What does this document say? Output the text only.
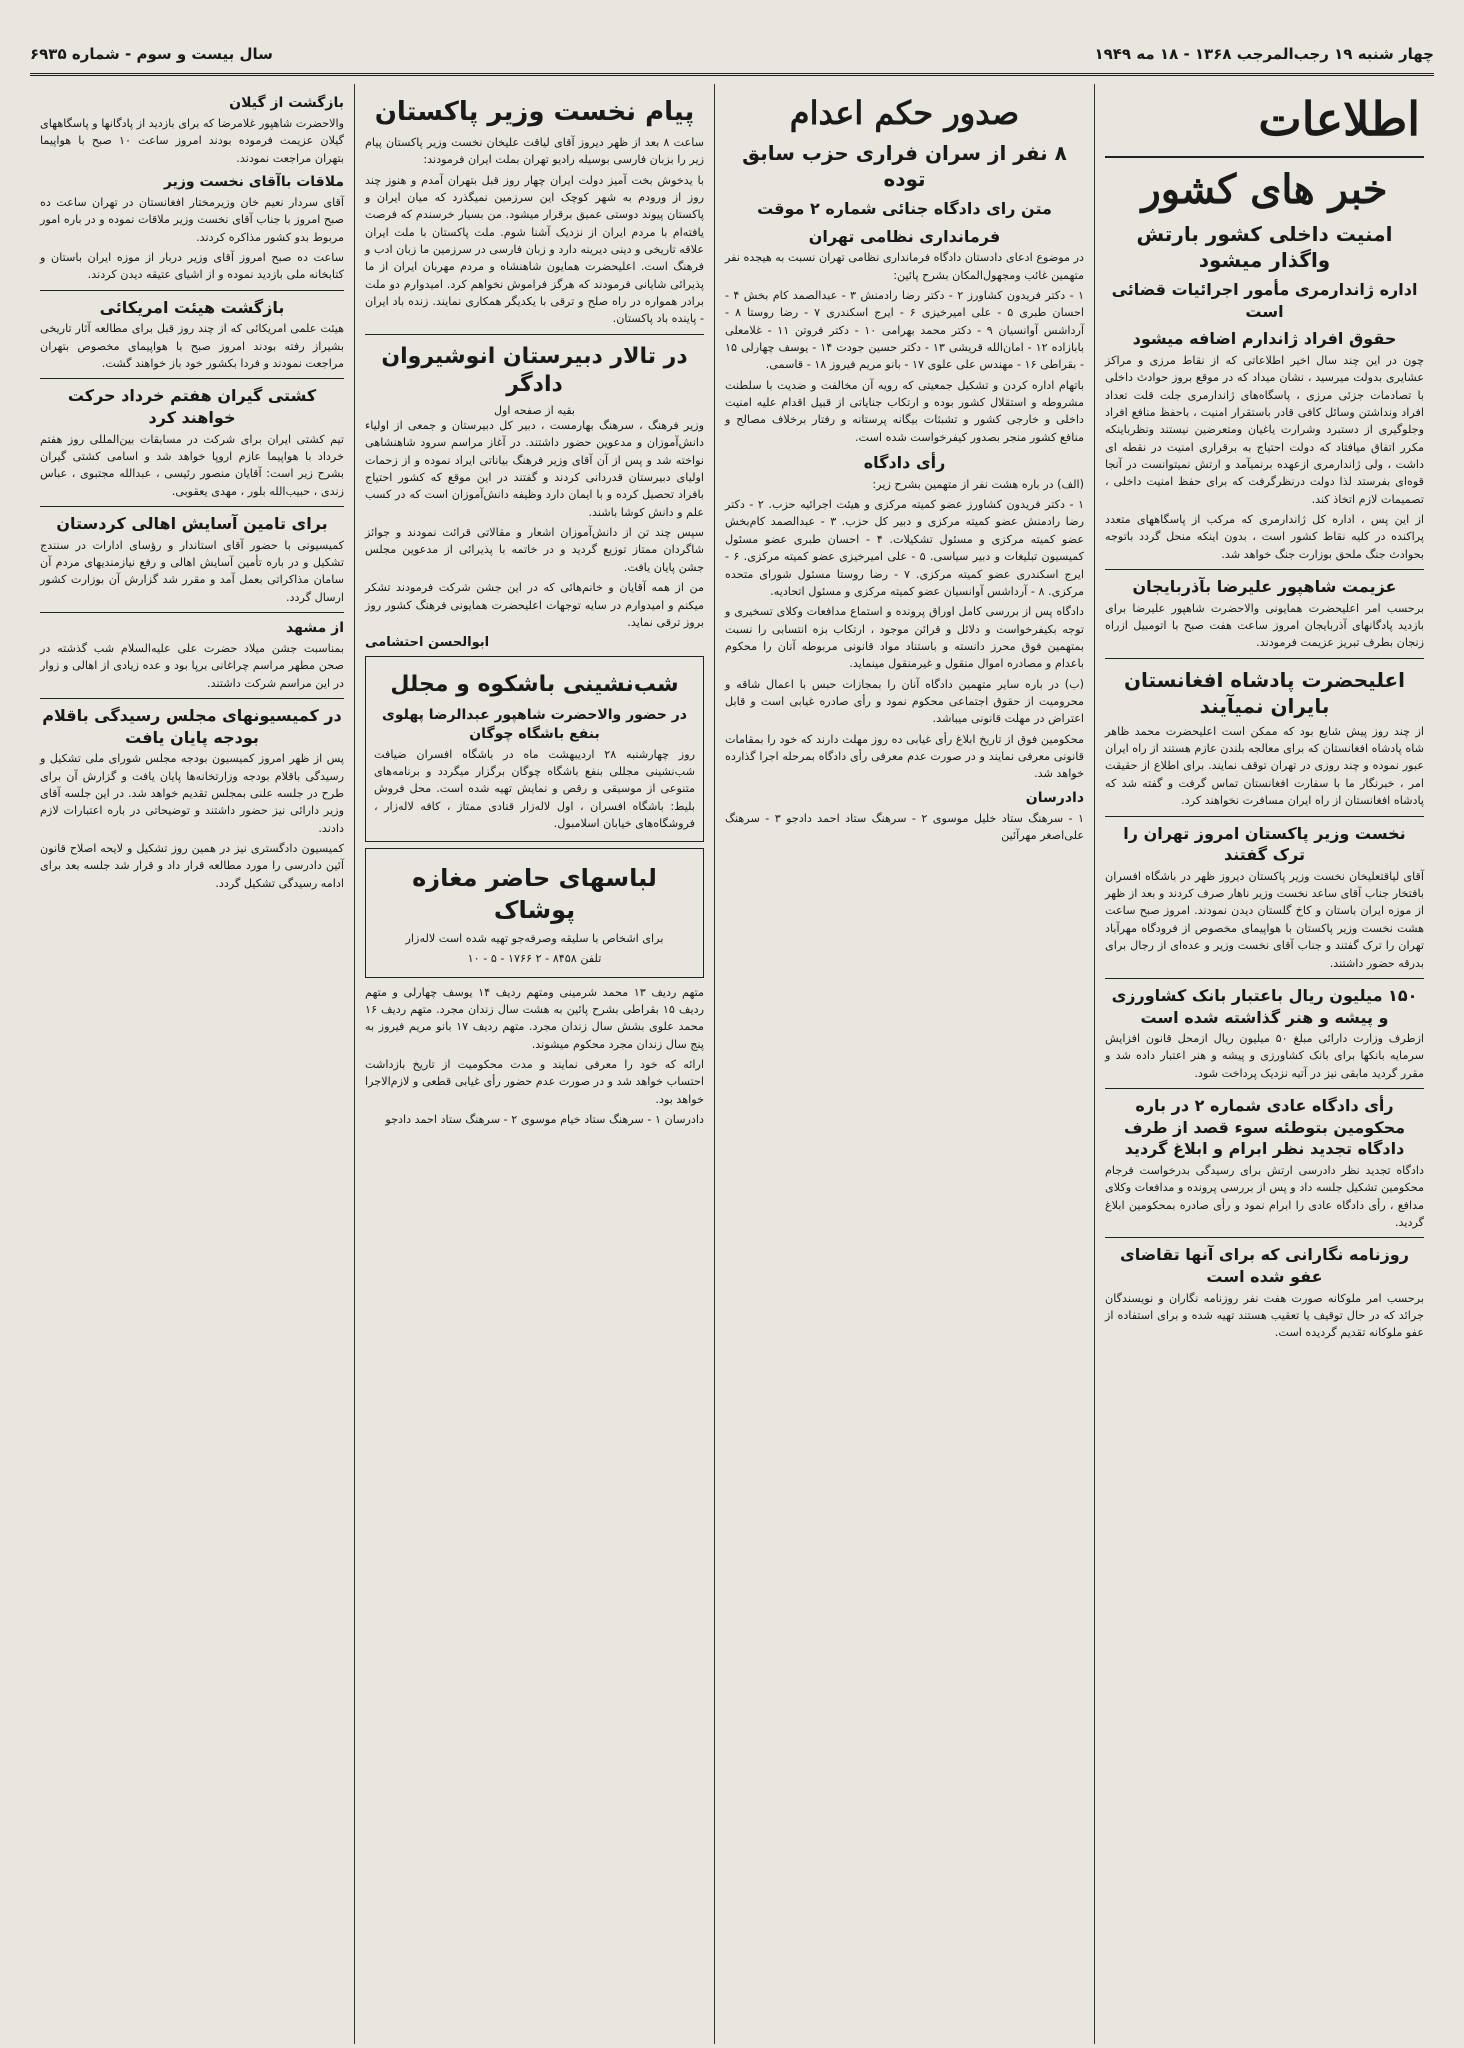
چهار شنبه ۱۹ رجب‌المرجب ۱۳۶۸ - ۱۸ مه ۱۹۴۹
سال بیست و سوم - شماره ۶۹۳۵
اطلاعات
خبر های کشور
امنیت داخلی کشور بارتش واگذار میشود
اداره ژاندارمری مأمور اجرائیات قضائی است
حقوق افراد ژاندارم اضافه میشود

چون در این چند سال اخیر اطلاعاتی که از نقاط مرزی و مراکز عشایری بدولت میرسید ، نشان میداد که در موقع بروز حوادث داخلی با تصادمات جزئی مرزی ، پاسگاه‌های ژاندارمری جلت قلت تعداد افراد ونداشتن وسائل کافی قادر باستقرار امنیت ، باحفظ منافع افراد وجلوگیری از دستبرد وشرارت یاغیان ومتعرضین نیستند ونظرباینکه مکرر اتفاق میافتاد که دولت احتیاج به برقراری امنیت در نقطه ای داشت ، ولی ژاندارمری ازعهده برنمیآمد و ارتش نمیتوانست در آنجا قوه‌ای بفرستد لذا دولت درنظرگرفت که برای حفظ امنیت داخلی ، تصمیمات لازم اتخاذ کند.

از این پس ، اداره کل ژاندارمری که مرکب از پاسگاههای متعدد پراکنده در کلیه نقاط کشور است ، بدون اینکه منحل گردد باتوجه بحوادث جنگ ملحق بوزارت جنگ خواهد شد.

عزیمت شاهپور علیرضا بآذربایجان

برحسب امر اعلیحضرت همایونی والاحضرت شاهپور علیرضا برای بازدید پادگانهای آذربایجان امروز ساعت هفت صبح با اتومبیل ازراه زنجان بطرف تبریز عزیمت فرمودند.

اعلیحضرت پادشاه افغانستان بایران نمیآیند

از چند روز پیش شایع بود که ممکن است اعلیحضرت محمد ظاهر شاه پادشاه افغانستان که برای معالجه بلندن عازم هستند از راه ایران عبور نموده و چند روزی در تهران توقف نمایند. برای اطلاع از حقیقت امر ، خبرنگار ما با سفارت افغانستان تماس گرفت و گفته شد که پادشاه افغانستان از راه ایران مسافرت نخواهند کرد.

نخست وزیر پاکستان امروز تهران را ترک گفتند

آقای لیاقتعلیخان نخست وزیر پاکستان دیروز ظهر در باشگاه افسران بافتخار جناب آقای ساعد نخست وزیر ناهار صرف کردند و بعد از ظهر از موزه ایران باستان و کاخ گلستان دیدن نمودند. امروز صبح ساعت هشت نخست وزیر پاکستان با هواپیمای مخصوص از فرودگاه مهرآباد تهران را ترک گفتند و جناب آقای نخست وزیر و عده‌ای از رجال برای بدرقه حضور داشتند.

۱۵۰ میلیون ریال باعتبار بانک کشاورزی و پیشه و هنر گذاشته شده است

ازطرف وزارت دارائی مبلغ ۵۰ میلیون ریال ازمحل قانون افزایش سرمایه بانکها برای بانک کشاورزی و پیشه و هنر اعتبار داده شد و مقرر گردید مابقی نیز در آتیه نزدیک پرداخت شود.

رأی دادگاه عادی شماره ۲ در باره محکومین بتوطئه سوء قصد از طرف دادگاه تجدید نظر ابرام و ابلاغ گردید

دادگاه تجدید نظر دادرسی ارتش برای رسیدگی بدرخواست فرجام محکومین تشکیل جلسه داد و پس از بررسی پرونده و مدافعات وکلای مدافع ، رأی دادگاه عادی را ابرام نمود و رأی صادره بمحکومین ابلاغ گردید.

روزنامه نگارانی که برای آنها تقاضای عفو شده است

برحسب امر ملوکانه صورت هفت نفر روزنامه نگاران و نویسندگان جرائد که در حال توقیف یا تعقیب هستند تهیه شده و برای استفاده از عفو ملوکانه تقدیم گردیده است.

صدور حکم اعدام
۸ نفر از سران فراری حزب سابق توده
متن رای دادگاه جنائی شماره ۲ موقت
فرمانداری نظامی تهران

در موضوع ادعای دادستان دادگاه فرمانداری نظامی تهران نسبت به هیجده نفر متهمین غائب ومجهول‌المکان بشرح پائین:

۱ - دکتر فریدون کشاورز ۲ - دکتر رضا رادمنش ۳ - عبدالصمد کام بخش ۴ - احسان طبری ۵ - علی امیرخیزی ۶ - ایرج اسکندری ۷ - رضا روستا ۸ - آرداشس آوانسیان ۹ - دکتر محمد بهرامی ۱۰ - دکتر فروتن ۱۱ - غلامعلی بابازاده ۱۲ - امان‌الله قریشی ۱۳ - دکتر حسین جودت ۱۴ - یوسف چهارلی ۱۵ - بقراطی ۱۶ - مهندس علی علوی ۱۷ - بانو مریم فیروز ۱۸ - قاسمی.

باتهام اداره کردن و تشکیل جمعیتی که رویه آن مخالفت و ضدیت با سلطنت مشروطه و استقلال کشور بوده و ارتکاب جنایاتی از قبیل اقدام علیه امنیت داخلی و خارجی کشور و تشبثات بیگانه پرستانه و رفتار برخلاف مصالح و منافع کشور منجر بصدور کیفرخواست شده است.

رأی دادگاه

(الف) در باره هشت نفر از متهمین بشرح زیر:

۱ - دکتر فریدون کشاورز عضو کمیته مرکزی و هیئت اجرائیه حزب. ۲ - دکتر رضا رادمنش عضو کمیته مرکزی و دبیر کل حزب. ۳ - عبدالصمد کام‌بخش عضو کمیته مرکزی و مسئول تشکیلات. ۴ - احسان طبری عضو مسئول کمیسیون تبلیغات و دبیر سیاسی. ۵ - علی امیرخیزی عضو کمیته مرکزی. ۶ - ایرج اسکندری عضو کمیته مرکزی. ۷ - رضا روستا مسئول شورای متحده مرکزی. ۸ - آرداشس آوانسیان عضو کمیته مرکزی و مسئول اتحادیه.

دادگاه پس از بررسی کامل اوراق پرونده و استماع مدافعات وکلای تسخیری و توجه بکیفرخواست و دلائل و قرائن موجود ، ارتکاب بزه انتسابی را نسبت بمتهمین فوق محرز دانسته و باستناد مواد قانونی مربوطه آنان را محکوم باعدام و مصادره اموال منقول و غیرمنقول مینماید.

(ب) در باره سایر متهمین دادگاه آنان را بمجازات حبس با اعمال شاقه و محرومیت از حقوق اجتماعی محکوم نمود و رأی صادره غیابی است و قابل اعتراض در مهلت قانونی میباشد.

محکومین فوق از تاریخ ابلاغ رأی غیابی ده روز مهلت دارند که خود را بمقامات قانونی معرفی نمایند و در صورت عدم معرفی رأی دادگاه بمرحله اجرا گذارده خواهد شد.

دادرسان

۱ - سرهنگ ستاد خلیل موسوی ۲ - سرهنگ ستاد احمد دادجو ۳ - سرهنگ علی‌اصغر مهرآئین

پیام نخست وزیر پاکستان

ساعت ۸ بعد از ظهر دیروز آقای لیاقت علیخان نخست وزیر پاکستان پیام زیر را بزبان فارسی بوسیله رادیو تهران بملت ایران فرمودند:

با یدخوش بخت آمیز دولت ایران چهار روز قبل بتهران آمدم و هنوز چند روز از ورودم به شهر کوچک این سرزمین نمیگذرد که میان ایران و پاکستان پیوند دوستی عمیق برقرار میشود. من بسیار خرسندم که فرصت یافته‌ام با مردم ایران از نزدیک آشنا شوم. ملت پاکستان با ملت ایران علاقه تاریخی و دینی دیرینه دارد و زبان فارسی در سرزمین ما زبان ادب و فرهنگ است. اعلیحضرت همایون شاهنشاه و مردم مهربان ایران از ما پذیرائی شایانی فرمودند که هرگز فراموش نخواهم کرد. امیدوارم دو ملت برادر همواره در راه صلح و ترقی با یکدیگر همکاری نمایند. زنده باد ایران - پاینده باد پاکستان.

در تالار دبیرستان انوشیروان دادگر
بقیه از صفحه اول

وزیر فرهنگ ، سرهنگ بهارمست ، دبیر کل دبیرستان و جمعی از اولیاء دانش‌آموزان و مدعوین حضور داشتند. در آغاز مراسم سرود شاهنشاهی نواخته شد و پس از آن آقای وزیر فرهنگ بیاناتی ایراد نموده و از زحمات اولیای دبیرستان قدردانی کردند و گفتند در این موقع که کشور احتیاج بافراد تحصیل کرده و با ایمان دارد وظیفه دانش‌آموزان است که در کسب علم و دانش کوشا باشند.

سپس چند تن از دانش‌آموزان اشعار و مقالاتی قرائت نمودند و جوائز شاگردان ممتاز توزیع گردید و در خاتمه با پذیرائی از مدعوین مجلس جشن پایان یافت.

من از همه آقایان و خانم‌هائی که در این جشن شرکت فرمودند تشکر میکنم و امیدوارم در سایه توجهات اعلیحضرت همایونی فرهنگ کشور روز بروز ترقی نماید.

ابوالحسن احتشامی
شب‌نشینی باشکوه و مجلل
در حضور والاحضرت شاهپور عبدالرضا پهلوی بنفع باشگاه چوگان

روز چهارشنبه ۲۸ اردیبهشت ماه در باشگاه افسران ضیافت شب‌نشینی مجللی بنفع باشگاه چوگان برگزار میگردد و برنامه‌های متنوعی از موسیقی و رقص و نمایش تهیه شده است. محل فروش بلیط: باشگاه افسران ، اول لاله‌زار قنادی ممتاز ، کافه لاله‌زار ، فروشگاه‌های خیابان اسلامبول.

لباسهای حاضر مغازه پوشاک

برای اشخاص با سلیقه وصرفه‌جو تهیه شده است لاله‌زار

تلفن ۸۴۵۸ - ۲ ۱۷۶۶ - ۵ - ۱۰

متهم ردیف ۱۳ محمد شرمینی ومتهم ردیف ۱۴ یوسف چهارلی و متهم ردیف ۱۵ بقراطی بشرح پائین به هشت سال زندان مجرد. متهم ردیف ۱۶ محمد علوی بشش سال زندان مجرد. متهم ردیف ۱۷ بانو مریم فیروز به پنج سال زندان مجرد محکوم میشوند.

ارائه که خود را معرفی نمایند و مدت محکومیت از تاریخ بازداشت احتساب خواهد شد و در صورت عدم حضور رأی غیابی قطعی و لازم‌الاجرا خواهد بود.

دادرسان ۱ - سرهنگ ستاد خیام موسوی ۲ - سرهنگ ستاد احمد دادجو

بازگشت از گیلان

والاحضرت شاهپور غلامرضا که برای بازدید از پادگانها و پاسگاههای گیلان عزیمت فرموده بودند امروز ساعت ۱۰ صبح با هواپیما بتهران مراجعت نمودند.

ملاقات باآقای نخست وزیر

آقای سردار نعیم خان وزیرمختار افغانستان در تهران ساعت ده صبح امروز با جناب آقای نخست وزیر ملاقات نموده و در باره امور مربوط بدو کشور مذاکره کردند.

ساعت ده صبح امروز آقای وزیر دربار از موزه ایران باستان و کتابخانه ملی بازدید نموده و از اشیای عتیقه دیدن کردند.

بازگشت هیئت امریکائی

هیئت علمی امریکائی که از چند روز قبل برای مطالعه آثار تاریخی بشیراز رفته بودند امروز صبح با هواپیمای مخصوص بتهران مراجعت نمودند و فردا بکشور خود باز خواهند گشت.

کشتی گیران هفتم خرداد حرکت خواهند کرد

تیم کشتی ایران برای شرکت در مسابقات بین‌المللی روز هفتم خرداد با هواپیما عازم اروپا خواهد شد و اسامی کشتی گیران بشرح زیر است: آقایان منصور رئیسی ، عبدالله مجتبوی ، عباس زندی ، حبیب‌الله بلور ، مهدی یعقوبی.

برای تامین آسایش اهالی کردستان

کمیسیونی با حضور آقای استاندار و رؤسای ادارات در سنندج تشکیل و در باره تأمین آسایش اهالی و رفع نیازمندیهای مردم آن سامان مذاکراتی بعمل آمد و مقرر شد گزارش آن بوزارت کشور ارسال گردد.

از مشهد

بمناسبت جشن میلاد حضرت علی علیه‌السلام شب گذشته در صحن مطهر مراسم چراغانی برپا بود و عده زیادی از اهالی و زوار در این مراسم شرکت داشتند.

در کمیسیونهای مجلس رسیدگی باقلام بودجه پایان یافت

پس از ظهر امروز کمیسیون بودجه مجلس شورای ملی تشکیل و رسیدگی باقلام بودجه وزارتخانه‌ها پایان یافت و گزارش آن برای طرح در جلسه علنی بمجلس تقدیم خواهد شد. در این جلسه آقای وزیر دارائی نیز حضور داشتند و توضیحاتی در باره اعتبارات لازم دادند.

کمیسیون دادگستری نیز در همین روز تشکیل و لایحه اصلاح قانون آئین دادرسی را مورد مطالعه قرار داد و قرار شد جلسه بعد برای ادامه رسیدگی تشکیل گردد.
